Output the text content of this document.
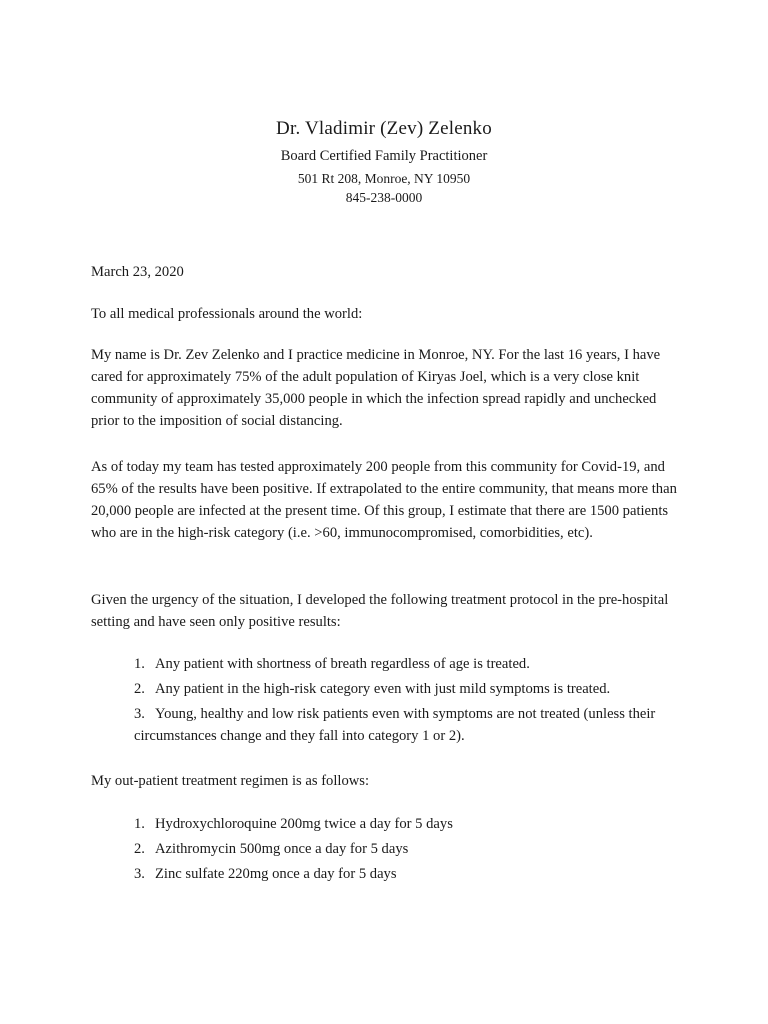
Dr. Vladimir (Zev) Zelenko
Board Certified Family Practitioner
501 Rt 208, Monroe, NY 10950
845-238-0000

March 23, 2020

To all medical professionals around the world:

My name is Dr. Zev Zelenko and I practice medicine in Monroe, NY. For the last 16 years, I have cared for approximately 75% of the adult population of Kiryas Joel, which is a very close knit community of approximately 35,000 people in which the infection spread rapidly and unchecked prior to the imposition of social distancing.

As of today my team has tested approximately 200 people from this community for Covid-19, and 65% of the results have been positive. If extrapolated to the entire community, that means more than 20,000 people are infected at the present time. Of this group, I estimate that there are 1500 patients who are in the high-risk category (i.e. >60, immunocompromised, comorbidities, etc).

Given the urgency of the situation, I developed the following treatment protocol in the pre-hospital setting and have seen only positive results:

1. Any patient with shortness of breath regardless of age is treated.
2. Any patient in the high-risk category even with just mild symptoms is treated.
3. Young, healthy and low risk patients even with symptoms are not treated (unless their circumstances change and they fall into category 1 or 2).

My out-patient treatment regimen is as follows:

1. Hydroxychloroquine 200mg twice a day for 5 days
2. Azithromycin 500mg once a day for 5 days
3. Zinc sulfate 220mg once a day for 5 days
